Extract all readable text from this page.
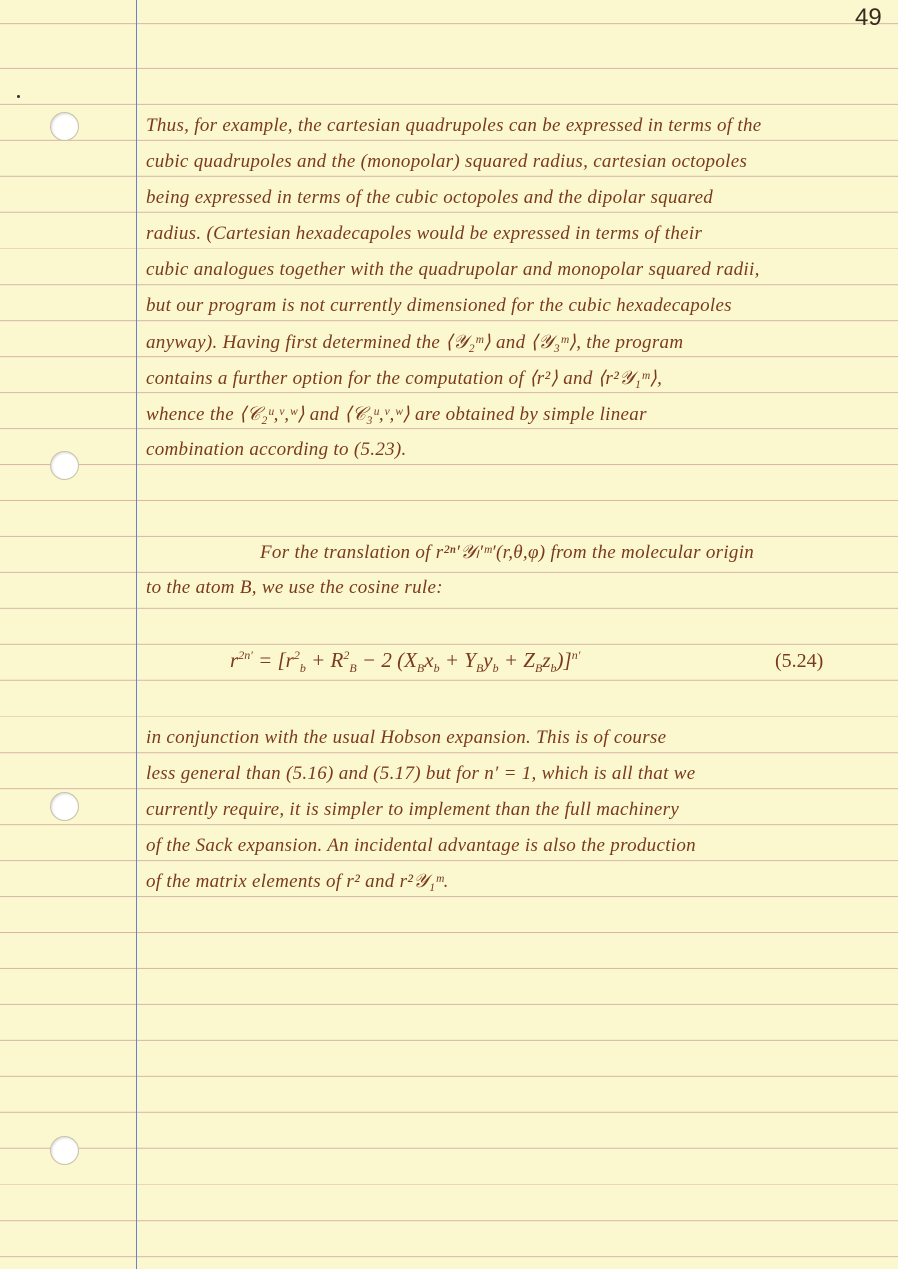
49
Thus, for example, the cartesian quadrupoles can be expressed in terms of the
cubic quadrupoles and the (monopolar) squared radius, cartesian octopoles
being expressed in terms of the cubic octopoles and the dipolar squared
radius. (Cartesian hexadecapoles would be expressed in terms of their
cubic analogues together with the quadrupolar and monopolar squared radii,
but our program is not currently dimensioned for the cubic hexadecapoles
anyway). Having first determined the ⟨𝒴₂ᵐ⟩ and ⟨𝒴₃ᵐ⟩, the program
contains a further option for the computation of ⟨r²⟩ and ⟨r²𝒴₁ᵐ⟩,
whence the ⟨𝒞₂ᵘ,ᵛ,ʷ⟩ and ⟨𝒞₃ᵘ,ᵛ,ʷ⟩ are obtained by simple linear
combination according to (5.23).
For the translation of r²ⁿ′𝒴ₗ′ᵐ′(r,θ,φ) from the molecular origin
to the atom B, we use the cosine rule:
$r^{2n'} = [r^2_b + R^2_B - 2$ $(X_Bx_b + Y_By_b + Z_Bz_b)]^{n'}$	(5.24)
in conjunction with the usual Hobson expansion. This is of course
less general than (5.16) and (5.17) but for n′ = 1, which is all that we
currently require, it is simpler to implement than the full machinery
of the Sack expansion. An incidental advantage is also the production
of the matrix elements of r² and r²𝒴₁ᵐ.
